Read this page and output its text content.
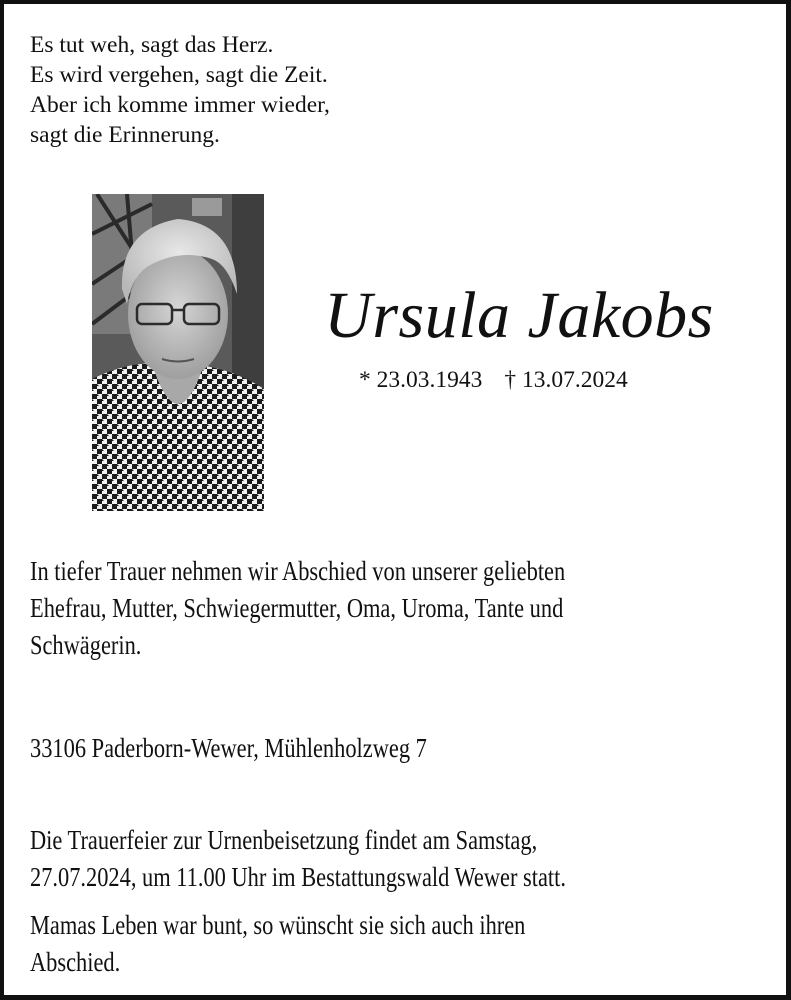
Es tut weh, sagt das Herz.
Es wird vergehen, sagt die Zeit.
Aber ich komme immer wieder,
sagt die Erinnerung.
Ursula Jakobs
* 23.03.1943 † 13.07.2024
In tiefer Trauer nehmen wir Abschied von unserer geliebten
Ehefrau, Mutter, Schwiegermutter, Oma, Uroma, Tante und
Schwägerin.
33106 Paderborn-Wewer, Mühlenholzweg 7
Die Trauerfeier zur Urnenbeisetzung findet am Samstag,
27.07.2024, um 11.00 Uhr im Bestattungswald Wewer statt.
Mamas Leben war bunt, so wünscht sie sich auch ihren
Abschied.
